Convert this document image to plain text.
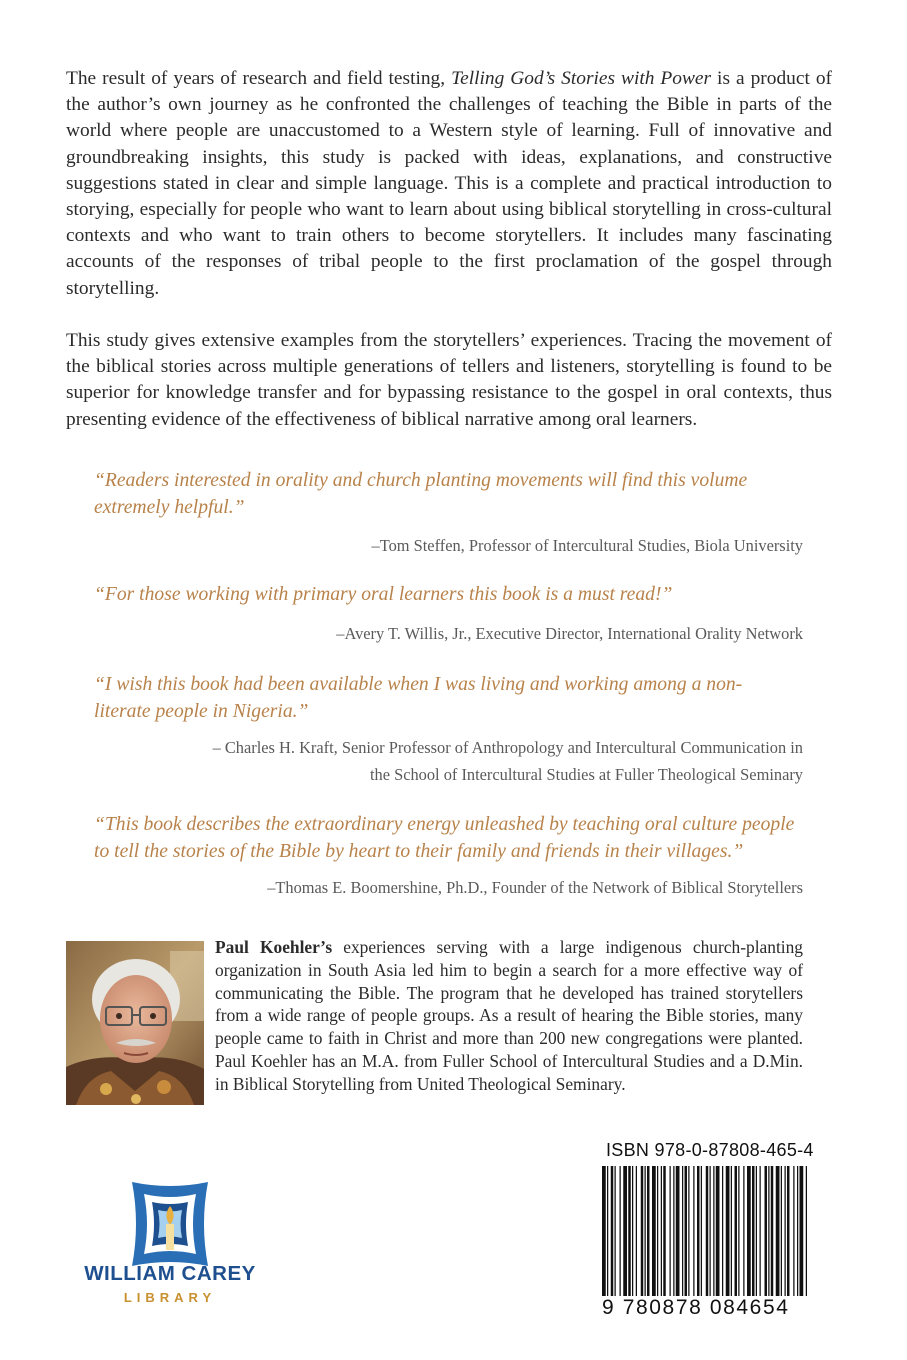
The result of years of research and field testing, Telling God’s Stories with Power is a product of the author’s own journey as he confronted the challenges of teaching the Bible in parts of the world where people are unaccustomed to a Western style of learning. Full of innovative and groundbreaking insights, this study is packed with ideas, explanations, and constructive suggestions stated in clear and simple language. This is a complete and practical introduction to storying, especially for people who want to learn about using biblical storytelling in cross-cultural contexts and who want to train others to become storytellers. It includes many fascinating accounts of the responses of tribal people to the first proclamation of the gospel through storytelling.

This study gives extensive examples from the storytellers’ experiences. Tracing the movement of the biblical stories across multiple generations of tellers and listeners, storytelling is found to be superior for knowledge transfer and for bypassing resistance to the gospel in oral contexts, thus presenting evidence of the effectiveness of biblical narrative among oral learners.

“Readers interested in orality and church planting movements will find this volume
extremely helpful.”

–Tom Steffen, Professor of Intercultural Studies, Biola University

“For those working with primary oral learners this book is a must read!”

–Avery T. Willis, Jr., Executive Director, International Orality Network

“I wish this book had been available when I was living and working among a non-
literate people in Nigeria.”

– Charles H. Kraft, Senior Professor of Anthropology and Intercultural Communication in
the School of Intercultural Studies at Fuller Theological Seminary

“This book describes the extraordinary energy unleashed by teaching oral culture people
to tell the stories of the Bible by heart to their family and friends in their villages.”

–Thomas E. Boomershine, Ph.D., Founder of the Network of Biblical Storytellers

Paul Koehler’s experiences serving with a large indigenous church-planting organization in South Asia led him to begin a search for a more effective way of communicating the Bible. The program that he developed has trained storytellers from a wide range of people groups. As a result of hearing the Bible stories, many people came to faith in Christ and more than 200 new congregations were planted. Paul Koehler has an M.A. from Fuller School of Intercultural Studies and a D.Min. in Biblical Storytelling from United Theological Seminary.

WILLIAM CAREY
LIBRARY
ISBN 978-0-87808-465-4
9 780878 084654
